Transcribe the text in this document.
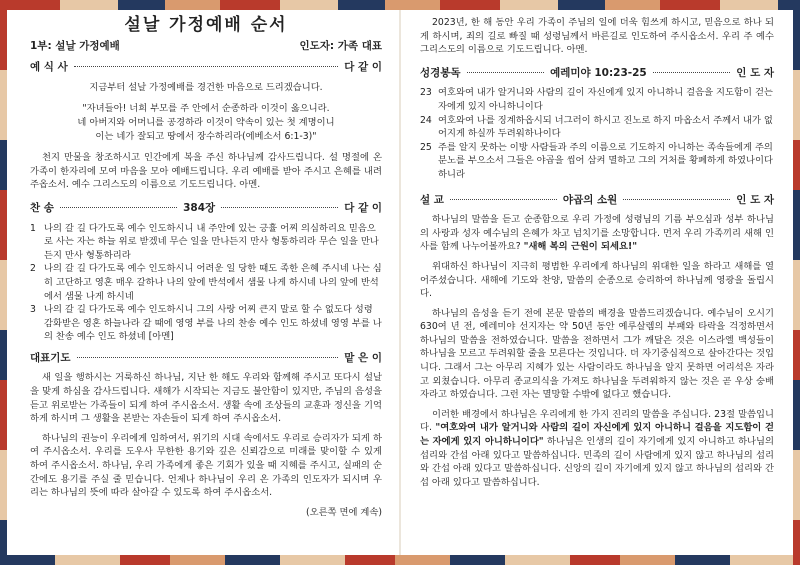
설날 가정예배 순서
1부: 설날 가정예배	인도자: 가족 대표
예 식 사	다 같 이
지금부터 설날 가정예배를 경건한 마음으로 드리겠습니다.
"자녀들아! 너희 부모를 주 안에서 순종하라 이것이 옳으니라.
네 아버지와 어머니를 공경하라 이것이 약속이 있는 첫 계명이니
이는 네가 잘되고 땅에서 장수하리라(에베소서 6:1-3)"
천지 만물을 창조하시고 인간에게 복을 주신 하나님께 감사드립니다. 설 명절에 온 가족이 한자리에 모여 마음을 모아 예배드립니다. 우리 예배를 받아 주시고 은혜를 내려 주옵소서. 예수 그리스도의 이름으로 기도드립니다. 아멘.
찬 송	384장	다 같 이
1 나의 갈 길 다가도록 예수 인도하시니 내 주안에 있는 긍휼 어찌 의심하리요 믿음으로 사는 자는 하늘 위로 받겠네 무슨 일을 만나든지 만사 형통하리라 무슨 일을 만나든지 만사 형통하리라
2 나의 갈 길 다가도록 예수 인도하시니 어려운 일 당한 때도 족한 은혜 주시네 나는 심히 고단하고 영혼 매우 갈하나 나의 앞에 반석에서 샘물 나게 하시네 나의 앞에 반석에서 샘물 나게 하시네
3 나의 갈 길 다가도록 예수 인도하시니 그의 사랑 어찌 큰지 말로 할 수 없도다 성령 감화받은 영혼 하늘나라 갈 때에 영영 부를 나의 찬송 예수 인도 하셨네 영영 부를 나의 찬송 예수 인도 하셨네 [아멘]
대표기도	맡 은 이
새 일을 행하시는 거룩하신 하나님, 지난 한 해도 우리와 함께해 주시고 또다시 설날을 맞게 하심을 감사드립니다. 새해가 시작되는 지금도 불안함이 있지만, 주님의 음성을 듣고 위로받는 가족들이 되게 하여 주시옵소서. 생활 속에 조상들의 교훈과 정신을 기억하게 하시며 그 생활을 본받는 자손들이 되게 하여 주시옵소서.
하나님의 권능이 우리에게 임하여서, 위기의 시대 속에서도 우리로 승리자가 되게 하여 주시옵소서. 우리를 도우사 무한한 용기와 깊은 신뢰감으로 미래를 맞이할 수 있게 하여 주시옵소서. 하나님, 우리 가족에게 좋은 기회가 있을 때 지혜를 주시고, 실패의 순간에도 용기를 주실 줄 믿습니다. 언제나 하나님이 우리 온 가족의 인도자가 되시며 우리는 하나님의 뜻에 따라 살아갈 수 있도록 하여 주시옵소서.
(오른쪽 면에 계속)
2023년, 한 해 동안 우리 가족이 주님의 일에 더욱 힘쓰게 하시고, 믿음으로 하나 되게 하시며, 죄의 길로 빠질 때 성령님께서 바른길로 인도하여 주시옵소서. 우리 주 예수 그리스도의 이름으로 기도드립니다. 아멘.
성경봉독	예레미야 10:23-25	인 도 자
23 여호와여 내가 알거니와 사람의 길이 자신에게 있지 아니하니 걸음을 지도함이 걷는 자에게 있지 아니하니이다
24 여호와여 나를 징계하옵시되 너그러이 하시고 진노로 하지 마옵소서 주께서 내가 없어지게 하실까 두려워하나이다
25 주를 알지 못하는 이방 사람들과 주의 이름으로 기도하지 아니하는 족속들에게 주의 분노를 부으소서 그들은 야곱을 씹어 삼켜 멸하고 그의 거처를 황폐하게 하였나이다 하니라
설 교	야곱의 소원	인 도 자
하나님의 말씀을 듣고 순종함으로 우리 가정에 성령님의 기름 부으심과 성부 하나님의 사랑과 성자 예수님의 은혜가 차고 넘치기를 소망합니다. 먼저 우리 가족끼리 새해 인사를 함께 나누어볼까요? "새해 복의 근원이 되세요!"
위대하신 하나님이 지극히 평범한 우리에게 하나님의 위대한 일을 하라고 새해를 열어주셨습니다. 새해에 기도와 찬양, 말씀의 순종으로 승리하여 하나님께 영광을 돌립시다.
하나님의 음성을 듣기 전에 본문 말씀의 배경을 말씀드리겠습니다. 예수님이 오시기 630여 년 전, 예레미야 선지자는 약 50년 동안 예루살렘의 부패와 타락을 걱정하면서 하나님의 말씀을 전하였습니다. 말씀을 전하면서 그가 깨달은 것은 이스라엘 백성들이 하나님을 모르고 두려워할 줄을 모른다는 것입니다. 더 자기중심적으로 살아간다는 것입니다. 그래서 그는 아무리 지혜가 있는 사람이라도 하나님을 알지 못하면 어리석은 자라고 외쳤습니다. 아무리 종교의식을 가져도 하나님을 두려워하지 않는 것은 곧 우상 숭배자라고 하였습니다. 그런 자는 멸망할 수밖에 없다고 했습니다.
이러한 배경에서 하나님은 우리에게 한 가지 진리의 말씀을 주십니다. 23절 말씀입니다. "여호와여 내가 알거니와 사람의 길이 자신에게 있지 아니하니 걸음을 지도함이 걷는 자에게 있지 아니하니이다" 하나님은 인생의 길이 자기에게 있지 아니하고 하나님의 섭리와 간섭 아래 있다고 말씀하십니다. 민족의 길이 사람에게 있지 않고 하나님의 섭리와 간섭 아래 있다고 말씀하십니다. 신앙의 길이 자기에게 있지 않고 하나님의 섭리와 간섭 아래 있다고 말씀하십니다.
